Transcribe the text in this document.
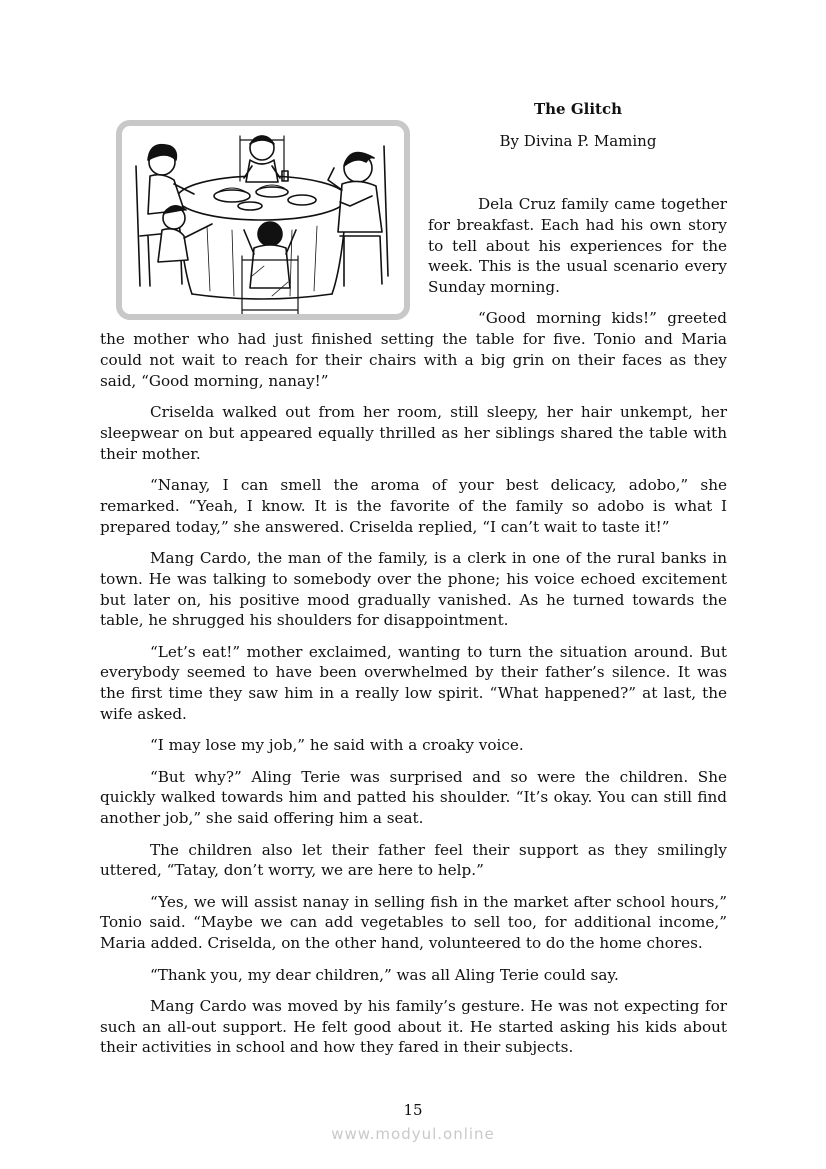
The Glitch

By Divina P. Maming

Dela Cruz family came together for breakfast. Each had his own story to tell about his experiences for the week. This is the usual scenario every Sunday morning.

“Good morning kids!” greeted the mother who had just finished setting the table for five. Tonio and Maria could not wait to reach for their chairs with a big grin on their faces as they said, “Good morning, nanay!”

Criselda walked out from her room, still sleepy, her hair unkempt, her sleepwear on but appeared equally thrilled as her siblings shared the table with their mother.

“Nanay, I can smell the aroma of your best delicacy, adobo,” she remarked. “Yeah, I know. It is the favorite of the family so adobo is what I prepared today,” she answered. Criselda replied, “I can’t wait to taste it!”

Mang Cardo, the man of the family, is a clerk in one of the rural banks in town. He was talking to somebody over the phone; his voice echoed excitement but later on, his positive mood gradually vanished. As he turned towards the table, he shrugged his shoulders for disappointment.

“Let’s eat!” mother exclaimed, wanting to turn the situation around. But everybody seemed to have been overwhelmed by their father’s silence. It was the first time they saw him in a really low spirit. “What happened?” at last, the wife asked.

“I may lose my job,” he said with a croaky voice.

“But why?” Aling Terie was surprised and so were the children. She quickly walked towards him and patted his shoulder. “It’s okay. You can still find another job,” she said offering him a seat.

The children also let their father feel their support as they smilingly uttered, “Tatay, don’t worry, we are here to help.”

“Yes, we will assist nanay in selling fish in the market after school hours,” Tonio said. “Maybe we can add vegetables to sell too, for additional income,” Maria added. Criselda, on the other hand, volunteered to do the home chores.

“Thank you, my dear children,” was all Aling Terie could say.

Mang Cardo was moved by his family’s gesture. He was not expecting for such an all-out support. He felt good about it. He started asking his kids about their activities in school and how they fared in their subjects.

15
www.modyul.online
